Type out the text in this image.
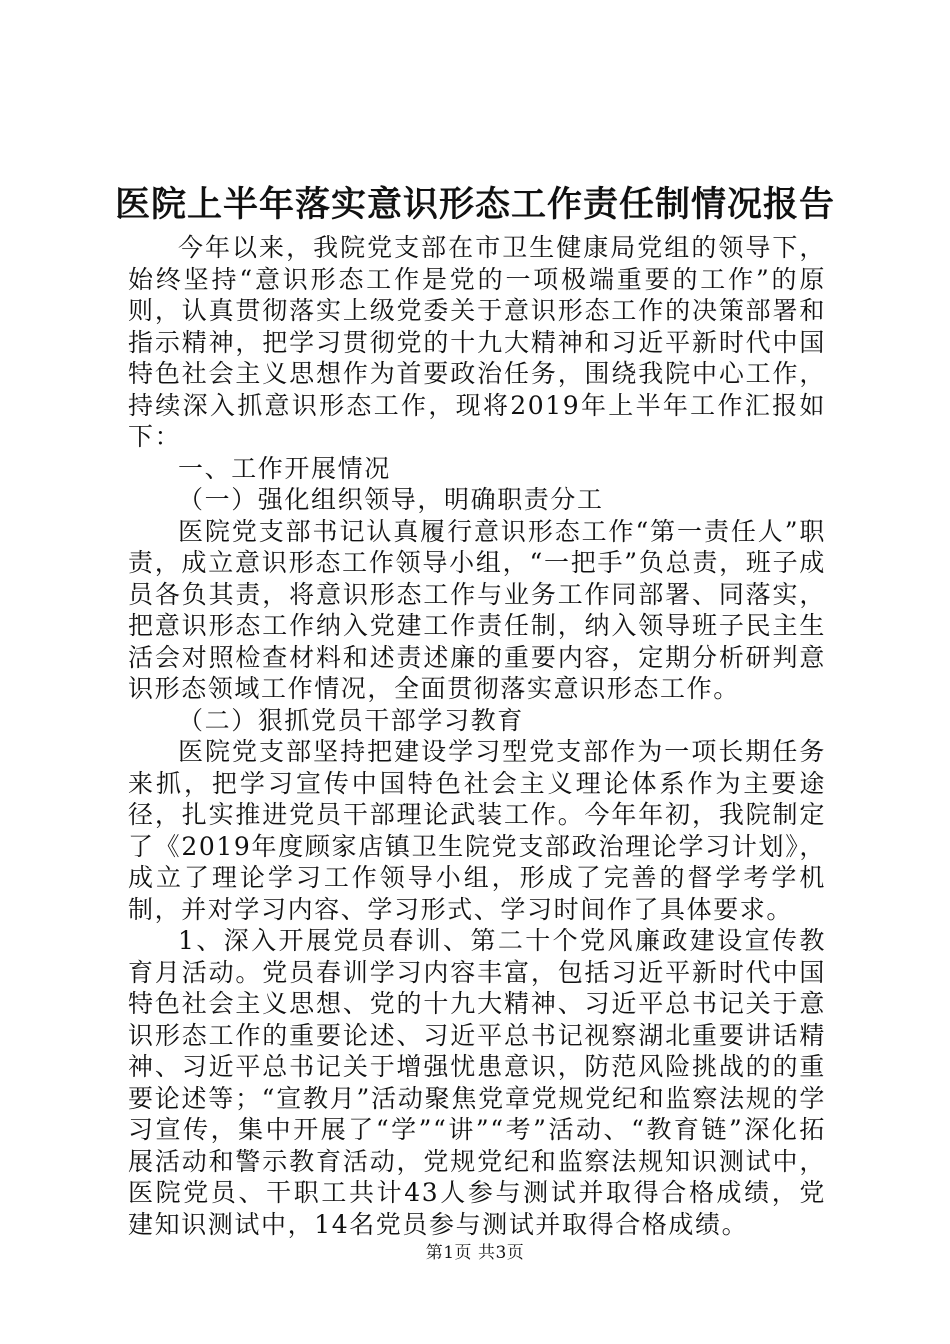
医院上半年落实意识形态工作责任制情况报告

今年以来，我院党支部在市卫生健康局党组的领导下，始终坚持“意识形态工作是党的一项极端重要的工作”的原则，认真贯彻落实上级党委关于意识形态工作的决策部署和指示精神，把学习贯彻党的十九大精神和习近平新时代中国特色社会主义思想作为首要政治任务，围绕我院中心工作，持续深入抓意识形态工作，现将2019年上半年工作汇报如下：

一、工作开展情况

（一）强化组织领导，明确职责分工

医院党支部书记认真履行意识形态工作“第一责任人”职责，成立意识形态工作领导小组，“一把手”负总责，班子成员各负其责，将意识形态工作与业务工作同部署、同落实，把意识形态工作纳入党建工作责任制，纳入领导班子民主生活会对照检查材料和述责述廉的重要内容，定期分析研判意识形态领域工作情况，全面贯彻落实意识形态工作。

（二）狠抓党员干部学习教育

医院党支部坚持把建设学习型党支部作为一项长期任务来抓，把学习宣传中国特色社会主义理论体系作为主要途径，扎实推进党员干部理论武装工作。今年年初，我院制定了《2019年度顾家店镇卫生院党支部政治理论学习计划》，成立了理论学习工作领导小组，形成了完善的督学考学机制，并对学习内容、学习形式、学习时间作了具体要求。

1、深入开展党员春训、第二十个党风廉政建设宣传教育月活动。党员春训学习内容丰富，包括习近平新时代中国特色社会主义思想、党的十九大精神、习近平总书记关于意识形态工作的重要论述、习近平总书记视察湖北重要讲话精神、习近平总书记关于增强忧患意识，防范风险挑战的的重要论述等；“宣教月”活动聚焦党章党规党纪和监察法规的学习宣传，集中开展了“学”“讲”“考”活动、“教育链”深化拓展活动和警示教育活动，党规党纪和监察法规知识测试中，医院党员、干职工共计43人参与测试并取得合格成绩，党建知识测试中，14名党员参与测试并取得合格成绩。

第1页 共3页
